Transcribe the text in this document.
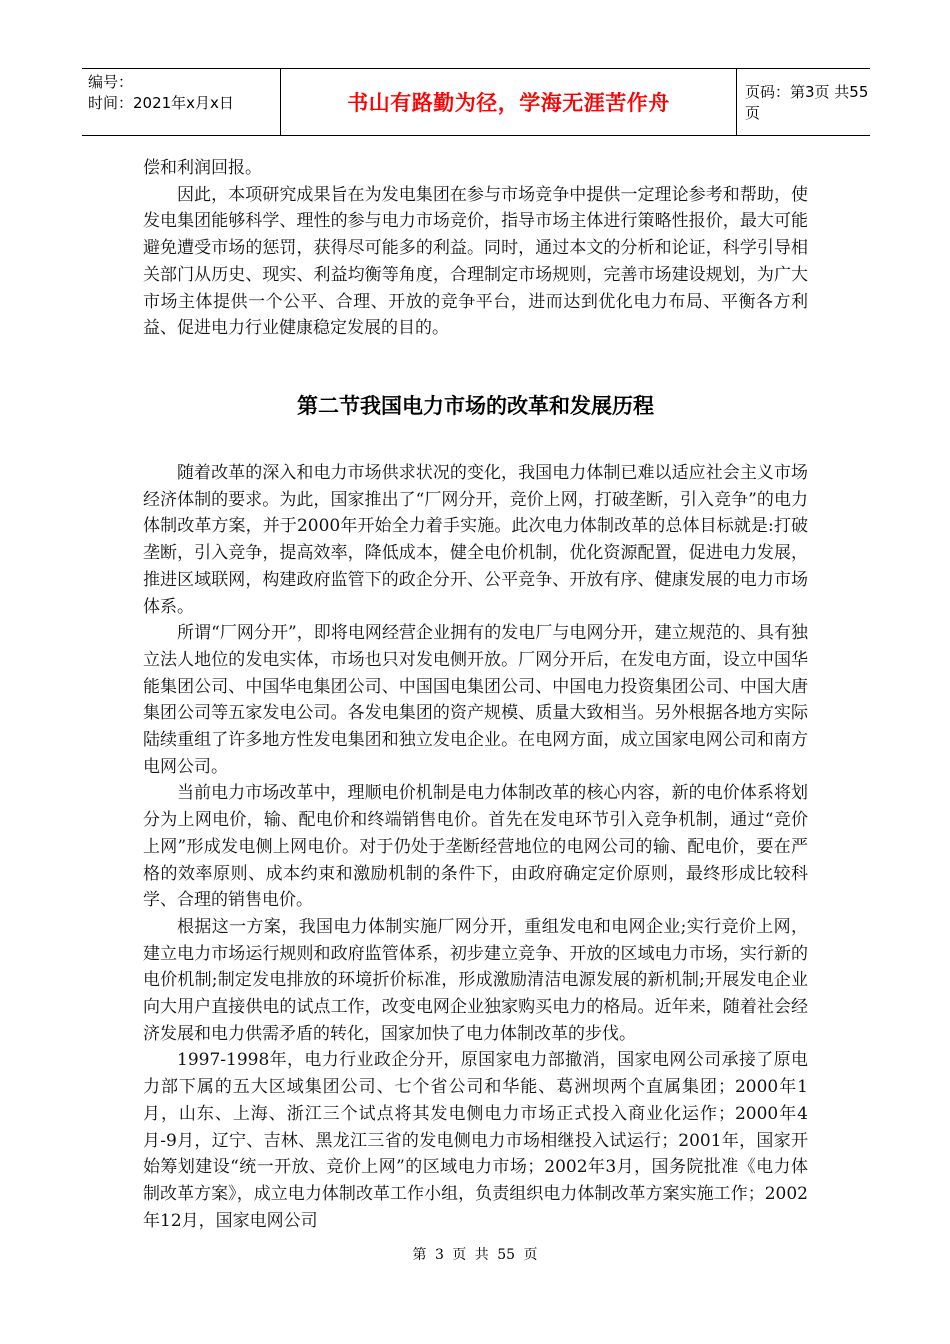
编号：
时间：2021年x月x日	书山有路勤为径，学海无涯苦作舟	页码：第3页 共55页

偿和利润回报。

因此，本项研究成果旨在为发电集团在参与市场竞争中提供一定理论参考和帮助，使发电集团能够科学、理性的参与电力市场竞价，指导市场主体进行策略性报价，最大可能避免遭受市场的惩罚，获得尽可能多的利益。同时，通过本文的分析和论证，科学引导相关部门从历史、现实、利益均衡等角度，合理制定市场规则，完善市场建设规划，为广大市场主体提供一个公平、合理、开放的竞争平台，进而达到优化电力布局、平衡各方利益、促进电力行业健康稳定发展的目的。

第二节我国电力市场的改革和发展历程

随着改革的深入和电力市场供求状况的变化，我国电力体制已难以适应社会主义市场经济体制的要求。为此，国家推出了“厂网分开，竞价上网，打破垄断，引入竞争”的电力体制改革方案，并于2000年开始全力着手实施。此次电力体制改革的总体目标就是:打破垄断，引入竞争，提高效率，降低成本，健全电价机制，优化资源配置，促进电力发展，推进区域联网，构建政府监管下的政企分开、公平竞争、开放有序、健康发展的电力市场体系。

所谓“厂网分开”，即将电网经营企业拥有的发电厂与电网分开，建立规范的、具有独立法人地位的发电实体，市场也只对发电侧开放。厂网分开后，在发电方面，设立中国华能集团公司、中国华电集团公司、中国国电集团公司、中国电力投资集团公司、中国大唐集团公司等五家发电公司。各发电集团的资产规模、质量大致相当。另外根据各地方实际陆续重组了许多地方性发电集团和独立发电企业。在电网方面，成立国家电网公司和南方电网公司。

当前电力市场改革中，理顺电价机制是电力体制改革的核心内容，新的电价体系将划分为上网电价，输、配电价和终端销售电价。首先在发电环节引入竞争机制，通过“竞价上网”形成发电侧上网电价。对于仍处于垄断经营地位的电网公司的输、配电价，要在严格的效率原则、成本约束和激励机制的条件下，由政府确定定价原则，最终形成比较科学、合理的销售电价。

根据这一方案，我国电力体制实施厂网分开，重组发电和电网企业;实行竞价上网，建立电力市场运行规则和政府监管体系，初步建立竞争、开放的区域电力市场，实行新的电价机制;制定发电排放的环境折价标准，形成激励清洁电源发展的新机制;开展发电企业向大用户直接供电的试点工作，改变电网企业独家购买电力的格局。近年来，随着社会经济发展和电力供需矛盾的转化，国家加快了电力体制改革的步伐。

1997-1998年，电力行业政企分开，原国家电力部撤消，国家电网公司承接了原电力部下属的五大区域集团公司、七个省公司和华能、葛洲坝两个直属集团；2000年1月，山东、上海、浙江三个试点将其发电侧电力市场正式投入商业化运作；2000年4月-9月，辽宁、吉林、黑龙江三省的发电侧电力市场相继投入试运行；2001年，国家开始筹划建设“统一开放、竞价上网”的区域电力市场；2002年3月，国务院批准《电力体制改革方案》，成立电力体制改革工作小组，负责组织电力体制改革方案实施工作；2002年12月，国家电网公司

第 3 页 共 55 页
